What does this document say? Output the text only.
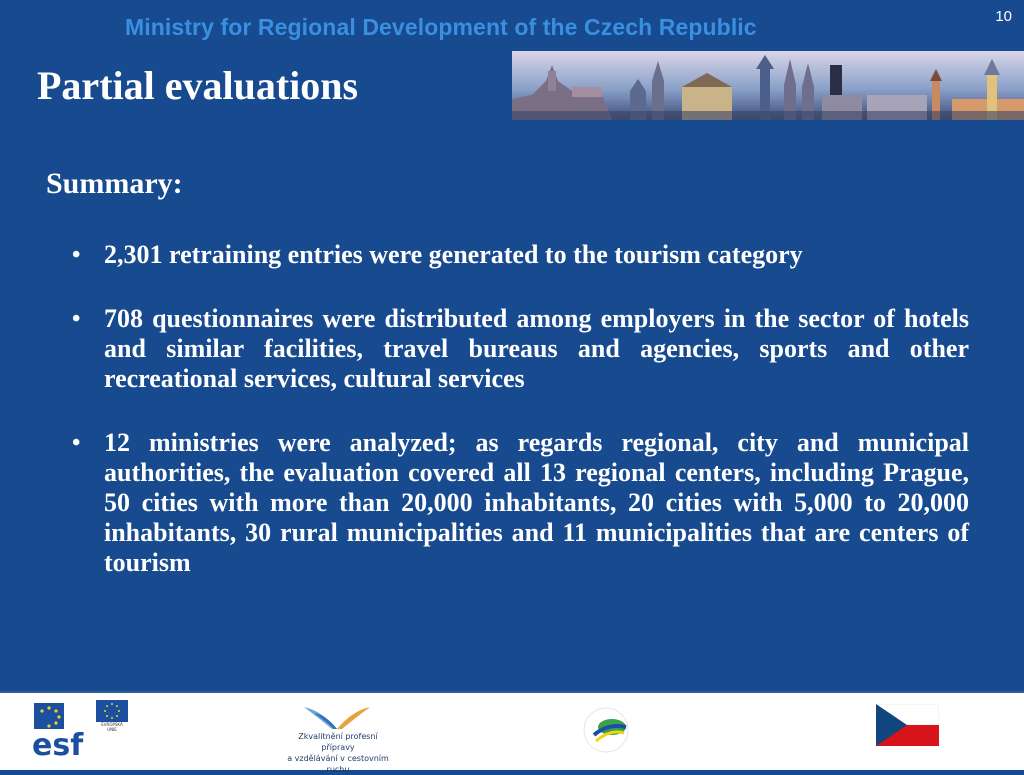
10
Ministry for Regional Development of the Czech Republic
Partial evaluations
Summary:
• 2,301 retraining entries were generated to the tourism category
• 708 questionnaires were distributed among employers in the sector of hotels and similar facilities, travel bureaus and agencies, sports and other recreational services, cultural services
• 12 ministries were analyzed; as regards regional, city and municipal authorities, the evaluation covered all 13 regional centers, including Prague, 50 cities with more than 20,000 inhabitants, 20 cities with 5,000 to 20,000 inhabitants, 30 rural municipalities and 11 municipalities that are centers of tourism
esf
EVROPSKÁ UNIE
Zkvalitnění profesní přípravy
a vzdělávání v cestovním ruchu
